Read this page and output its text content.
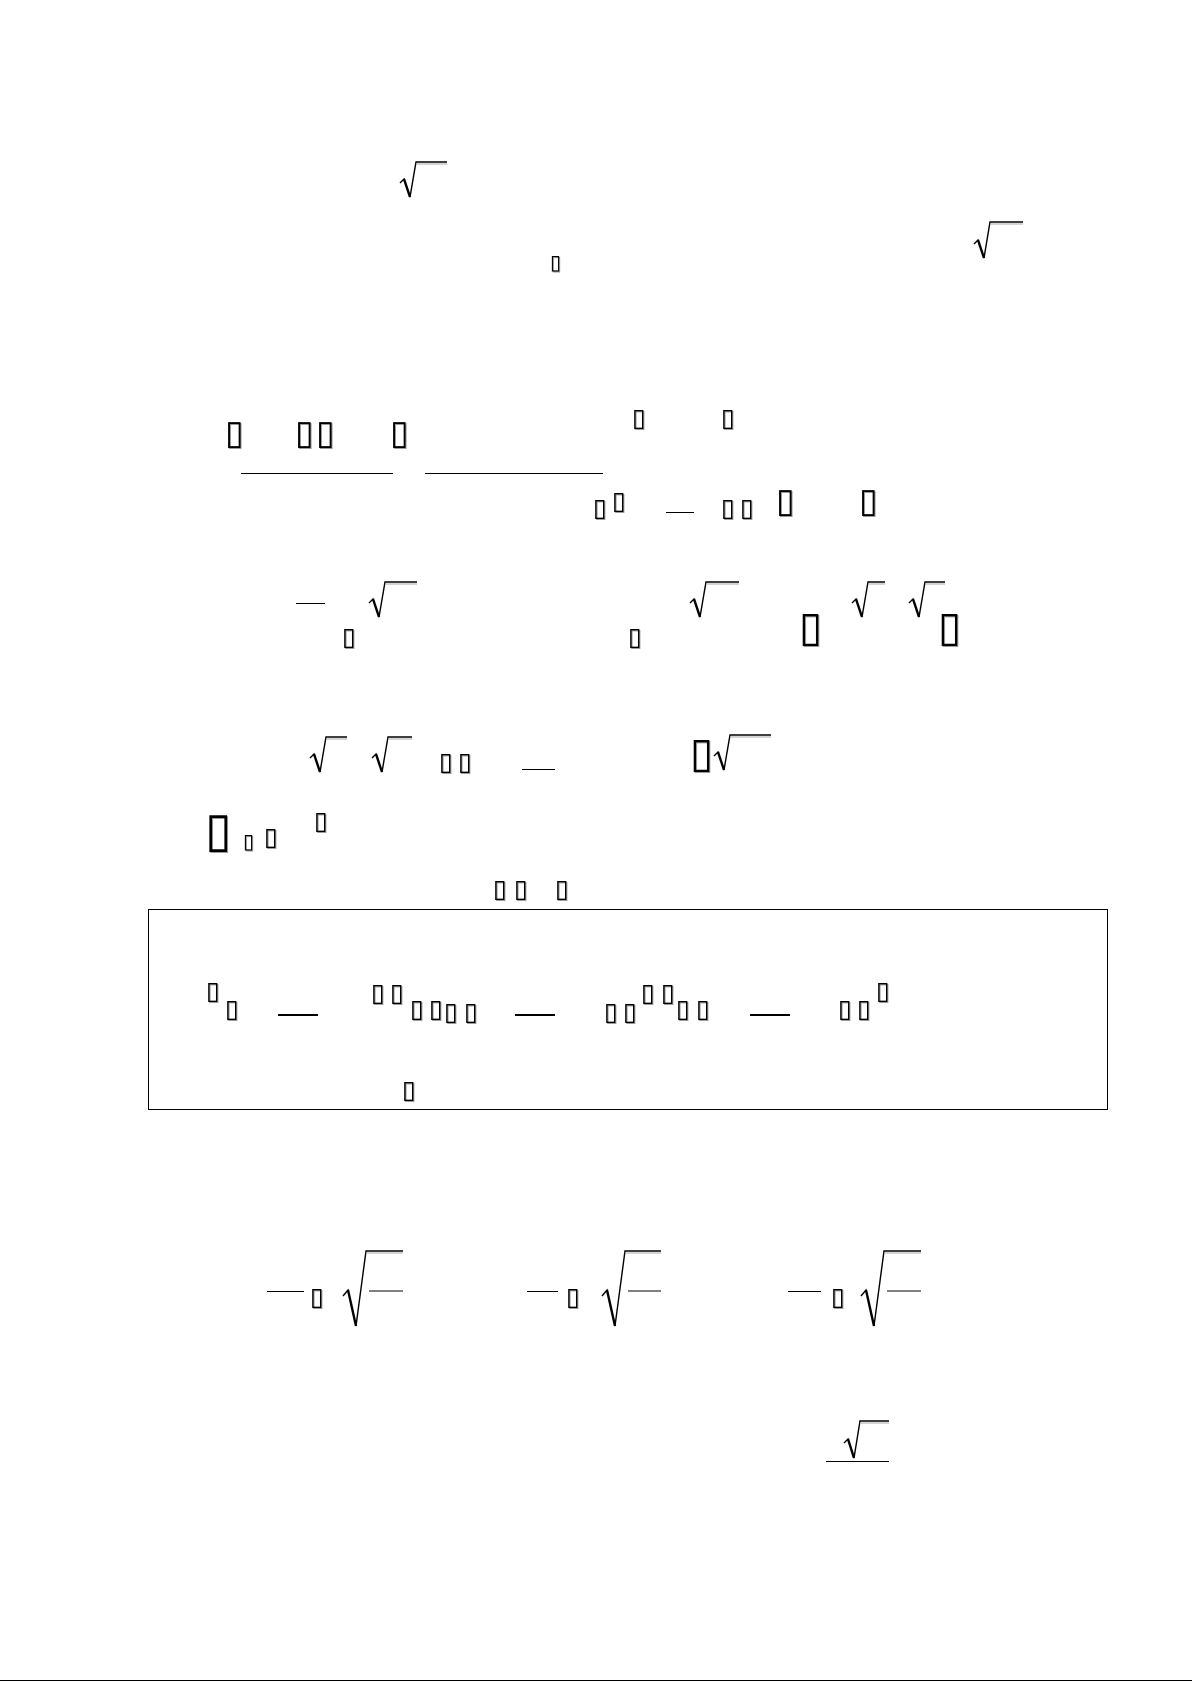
▯
▯ ▯ ▯ ▯	▯	▯
▯ ▯	▯ ▯ ▯ ▯
▯	▯	▯	▯
▯ ▯	▯
▯ ▯ ▯
▯
▯ ▯ ▯
▯
▯
▯ ▯
▯ ▯ ▯ ▯	▯ ▯
▯ ▯
▯ ▯	▯ ▯
▯
▯
▯	▯	▯
